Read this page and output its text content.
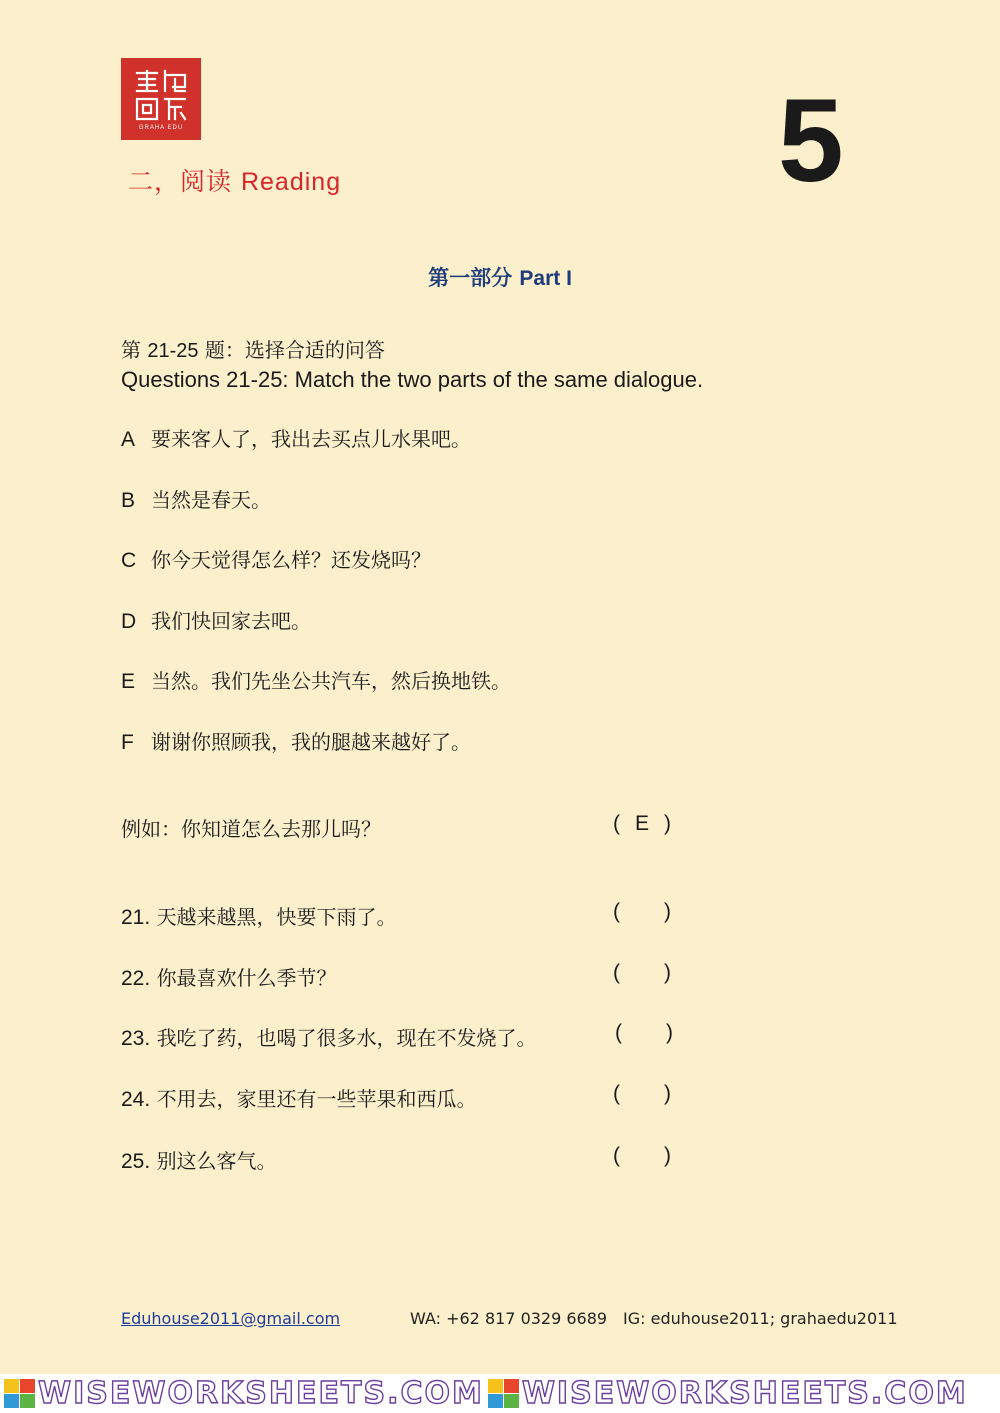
GRAHA EDU
二，阅读 Reading	5
第一部分 Part I
第 21-25 题：选择合适的问答
Questions 21-25: Match the two parts of the same dialogue.
A 要来客人了，我出去买点儿水果吧。
B 当然是春天。
C 你今天觉得怎么样？还发烧吗？
D 我们快回家去吧。
E 当然。我们先坐公共汽车，然后换地铁。
F 谢谢你照顾我，我的腿越来越好了。
例如：你知道怎么去那儿吗？	( E )
21. 天越来越黑，快要下雨了。	( )
22. 你最喜欢什么季节？	( )
23. 我吃了药，也喝了很多水，现在不发烧了。	( )
24. 不用去，家里还有一些苹果和西瓜。	( )
25. 别这么客气。	( )
Eduhouse2011@gmail.com	WA: +62 817 0329 6689 IG: eduhouse2011; grahaedu2011
WISEWORKSHEETS.COM WISEWORKSHEETS.COM
